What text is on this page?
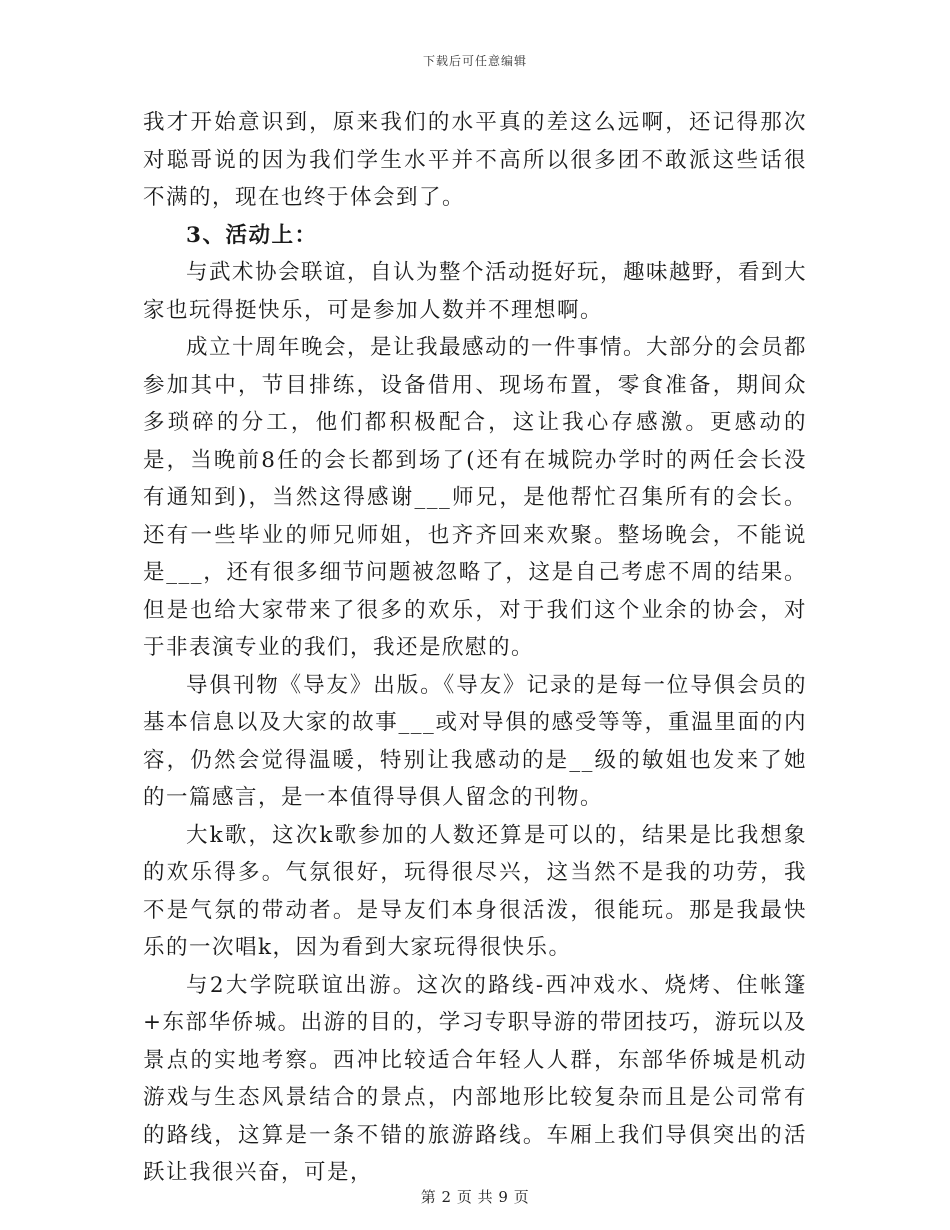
下载后可任意编辑

我才开始意识到，原来我们的水平真的差这么远啊，还记得那次对聪哥说的因为我们学生水平并不高所以很多团不敢派这些话很不满的，现在也终于体会到了。

3、活动上：

与武术协会联谊，自认为整个活动挺好玩，趣味越野，看到大家也玩得挺快乐，可是参加人数并不理想啊。

成立十周年晚会，是让我最感动的一件事情。大部分的会员都参加其中，节目排练，设备借用、现场布置，零食准备，期间众多琐碎的分工，他们都积极配合，这让我心存感激。更感动的是，当晚前8任的会长都到场了(还有在城院办学时的两任会长没有通知到)，当然这得感谢___师兄，是他帮忙召集所有的会长。还有一些毕业的师兄师姐，也齐齐回来欢聚。整场晚会，不能说是___，还有很多细节问题被忽略了，这是自己考虑不周的结果。但是也给大家带来了很多的欢乐，对于我们这个业余的协会，对于非表演专业的我们，我还是欣慰的。

导俱刊物《导友》出版。《导友》记录的是每一位导俱会员的基本信息以及大家的故事___或对导俱的感受等等，重温里面的内容，仍然会觉得温暖，特别让我感动的是__级的敏姐也发来了她的一篇感言，是一本值得导俱人留念的刊物。

大k歌，这次k歌参加的人数还算是可以的，结果是比我想象的欢乐得多。气氛很好，玩得很尽兴，这当然不是我的功劳，我不是气氛的带动者。是导友们本身很活泼，很能玩。那是我最快乐的一次唱k，因为看到大家玩得很快乐。

与2大学院联谊出游。这次的路线-西冲戏水、烧烤、住帐篷+东部华侨城。出游的目的，学习专职导游的带团技巧，游玩以及景点的实地考察。西冲比较适合年轻人人群，东部华侨城是机动游戏与生态风景结合的景点，内部地形比较复杂而且是公司常有的路线，这算是一条不错的旅游路线。车厢上我们导俱突出的活跃让我很兴奋，可是，

第 2 页 共 9 页
